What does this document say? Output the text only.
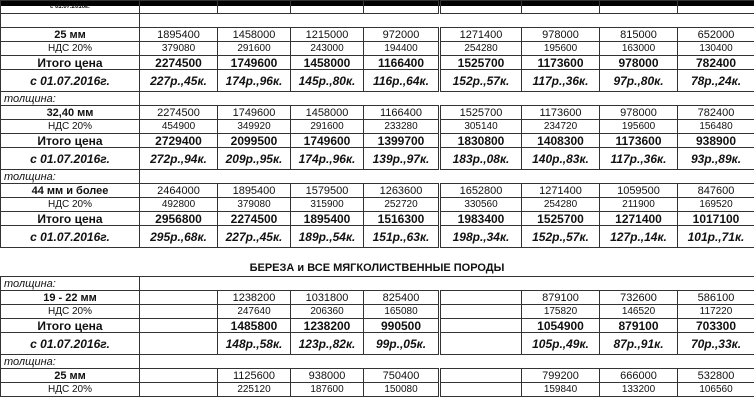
с 01.07.2016г.								

25 мм	1895400	1458000	1215000	972000	1271400	978000	815000	652000
НДС 20%	379080	291600	243000	194400	254280	195600	163000	130400
Итого цена	2274500	1749600	1458000	1166400	1525700	1173600	978000	782400
с 01.07.2016г.	227р.,45к.	174р.,96к.	145р.,80к.	116р.,64к.	152р.,57к.	117р.,36к.	97р.,80к.	78р.,24к.
толщина:								
32,40 мм	2274500	1749600	1458000	1166400	1525700	1173600	978000	782400
НДС 20%	454900	349920	291600	233280	305140	234720	195600	156480
Итого цена	2729400	2099500	1749600	1399700	1830800	1408300	1173600	938900
с 01.07.2016г.	272р.,94к.	209р.,95к.	174р.,96к.	139р.,97к.	183р.,08к.	140р.,83к.	117р.,36к.	93р.,89к.
толщина:								
44 мм и более	2464000	1895400	1579500	1263600	1652800	1271400	1059500	847600
НДС 20%	492800	379080	315900	252720	330560	254280	211900	169520
Итого цена	2956800	2274500	1895400	1516300	1983400	1525700	1271400	1017100
с 01.07.2016г.	295р.,68к.	227р.,45к.	189р.,54к.	151р.,63к.	198р.,34к.	152р.,57к.	127р.,14к.	101р.,71к.
БЕРЕЗА и ВСЕ МЯГКОЛИСТВЕННЫЕ ПОРОДЫ
толщина:								
19 - 22 мм		1238200	1031800	825400		879100	732600	586100
НДС 20%		247640	206360	165080		175820	146520	117220
Итого цена		1485800	1238200	990500		1054900	879100	703300
с 01.07.2016г.		148р.,58к.	123р.,82к.	99р.,05к.		105р.,49к.	87р.,91к.	70р.,33к.
толщина:								
25 мм		1125600	938000	750400		799200	666000	532800
НДС 20%		225120	187600	150080		159840	133200	106560
